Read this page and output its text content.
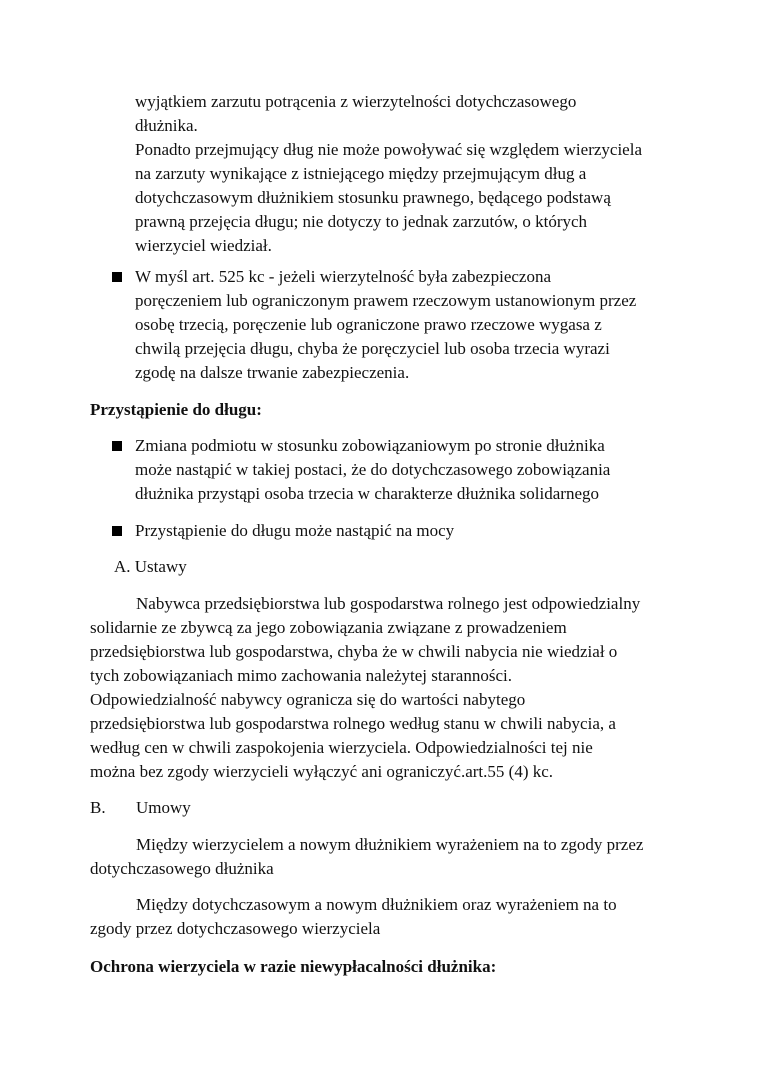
wyjątkiem zarzutu potrącenia z wierzytelności dotychczasowego
dłużnika.
Ponadto przejmujący dług nie może powoływać się względem wierzyciela
na zarzuty wynikające z istniejącego między przejmującym dług a
dotychczasowym dłużnikiem stosunku prawnego, będącego podstawą
prawną przejęcia długu; nie dotyczy to jednak zarzutów, o których
wierzyciel wiedział.
W myśl art. 525 kc - jeżeli wierzytelność była zabezpieczona
poręczeniem lub ograniczonym prawem rzeczowym ustanowionym przez
osobę trzecią, poręczenie lub ograniczone prawo rzeczowe wygasa z
chwilą przejęcia długu, chyba że poręczyciel lub osoba trzecia wyrazi
zgodę na dalsze trwanie zabezpieczenia.
Przystąpienie do długu:
Zmiana podmiotu w stosunku zobowiązaniowym po stronie dłużnika
może nastąpić w takiej postaci, że do dotychczasowego zobowiązania
dłużnika przystąpi osoba trzecia w charakterze dłużnika solidarnego
Przystąpienie do długu może nastąpić na mocy
A. Ustawy
Nabywca przedsiębiorstwa lub gospodarstwa rolnego jest odpowiedzialny
solidarnie ze zbywcą za jego zobowiązania związane z prowadzeniem
przedsiębiorstwa lub gospodarstwa, chyba że w chwili nabycia nie wiedział o
tych zobowiązaniach mimo zachowania należytej staranności.
Odpowiedzialność nabywcy ogranicza się do wartości nabytego
przedsiębiorstwa lub gospodarstwa rolnego według stanu w chwili nabycia, a
według cen w chwili zaspokojenia wierzyciela. Odpowiedzialności tej nie
można bez zgody wierzycieli wyłączyć ani ograniczyć.art.55 (4) kc.
B. Umowy
Między wierzycielem a nowym dłużnikiem wyrażeniem na to zgody przez
dotychczasowego dłużnika
Między dotychczasowym a nowym dłużnikiem oraz wyrażeniem na to
zgody przez dotychczasowego wierzyciela
Ochrona wierzyciela w razie niewypłacalności dłużnika:
